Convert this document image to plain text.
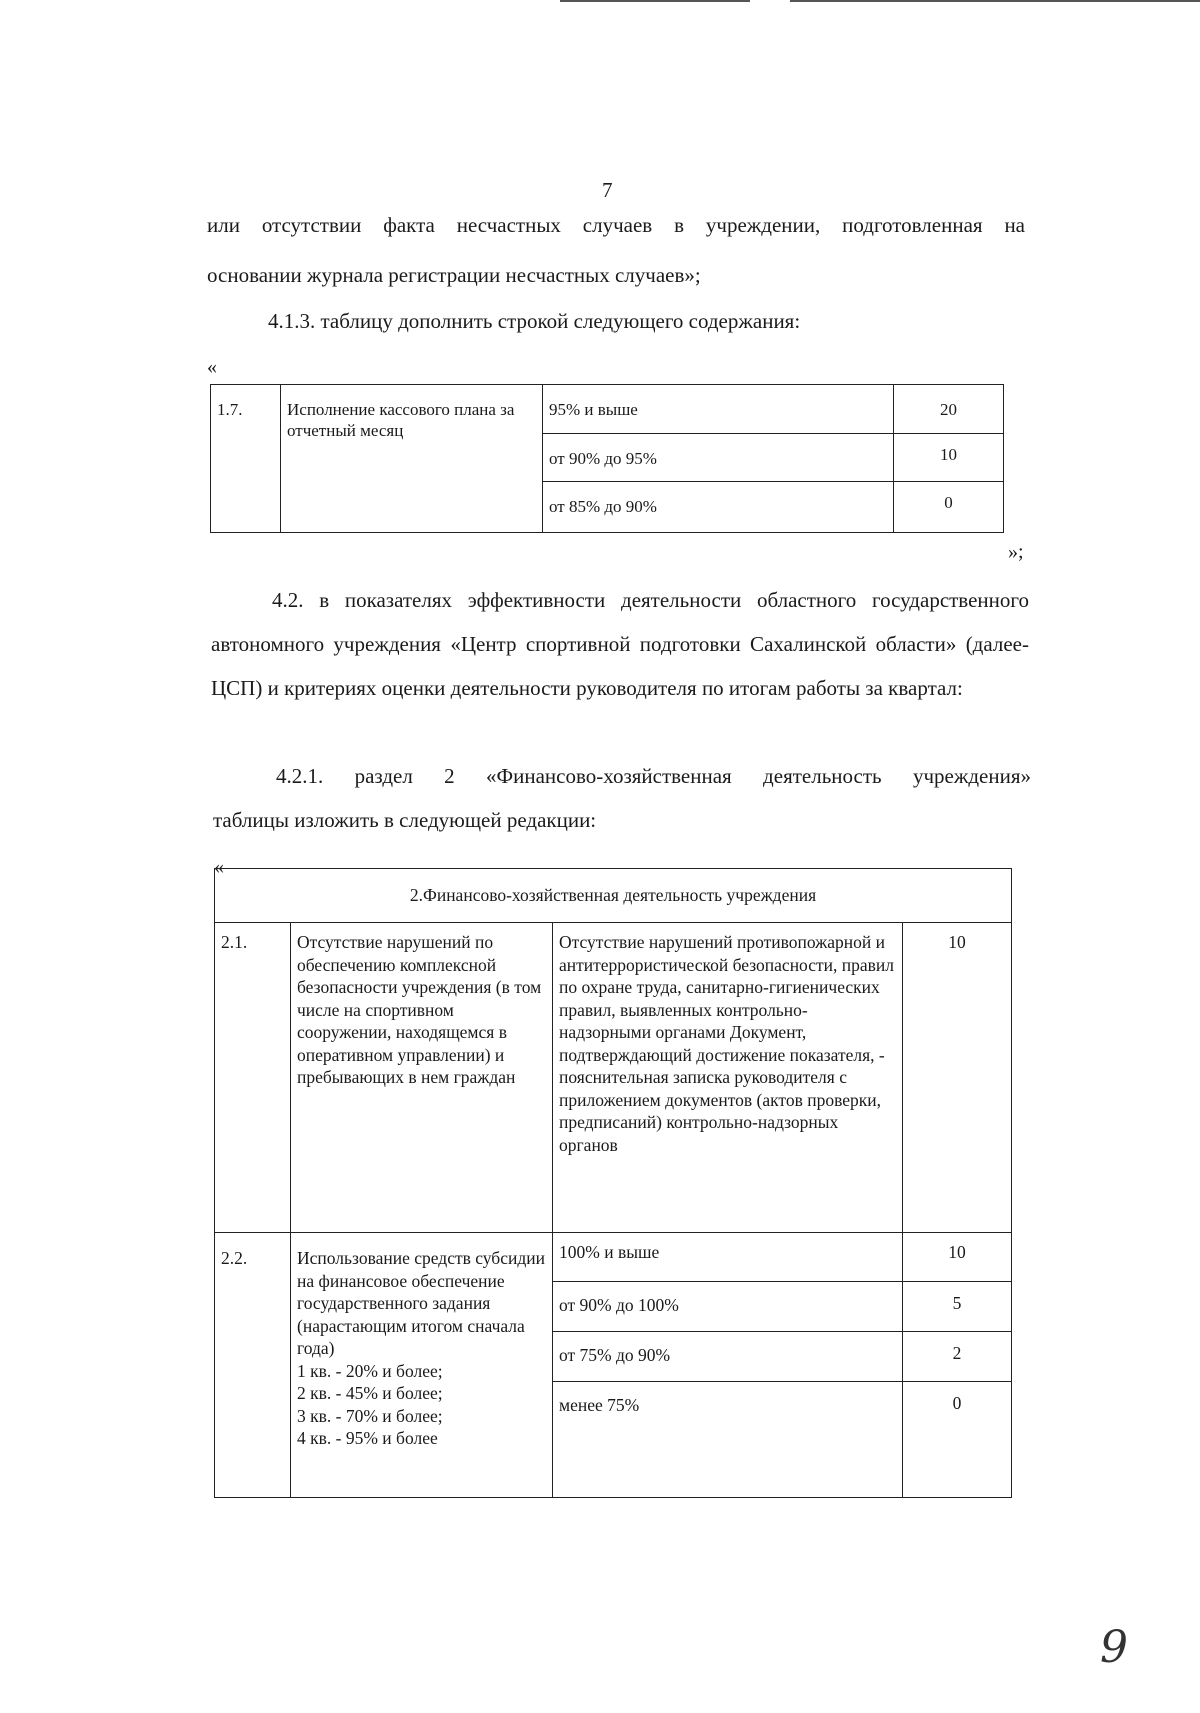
7

или отсутствии факта несчастных случаев в учреждении, подготовленная на

основании журнала регистрации несчастных случаев»;

4.1.3. таблицу дополнить строкой следующего содержания:

«
1.7.	Исполнение кассового плана за отчетный месяц	95% и выше	20
		от 90% до 95%	10
		от 85% до 90%	0
»;

4.2. в показателях эффективности деятельности областного государственного автономного учреждения «Центр спортивной подготовки Сахалинской области» (далее-ЦСП) и критериях оценки деятельности руководителя по итогам работы за квартал:

4.2.1. раздел 2 «Финансово-хозяйственная деятельность учреждения»

таблицы изложить в следующей редакции:

«
2.Финансово-хозяйственная деятельность учреждения			
2.1.	Отсутствие нарушений по обеспечению комплексной безопасности учреждения (в том числе на спортивном сооружении, находящемся в оперативном управлении) и пребывающих в нем граждан	Отсутствие нарушений противопожарной и антитеррористической безопасности, правил по охране труда, санитарно-гигиенических правил, выявленных контрольно-надзорными органами Документ, подтверждающий достижение показателя, - пояснительная записка руководителя с приложением документов (актов проверки, предписаний) контрольно-надзорных органов	10
2.2.	Использование средств субсидии на финансовое обеспечение государственного задания (нарастающим итогом сначала года)
1 кв. - 20% и более;
2 кв. - 45% и более;
3 кв. - 70% и более;
4 кв. - 95% и более	100% и выше	10
		от 90% до 100%	5
		от 75% до 90%	2
		менее 75%	0
9
